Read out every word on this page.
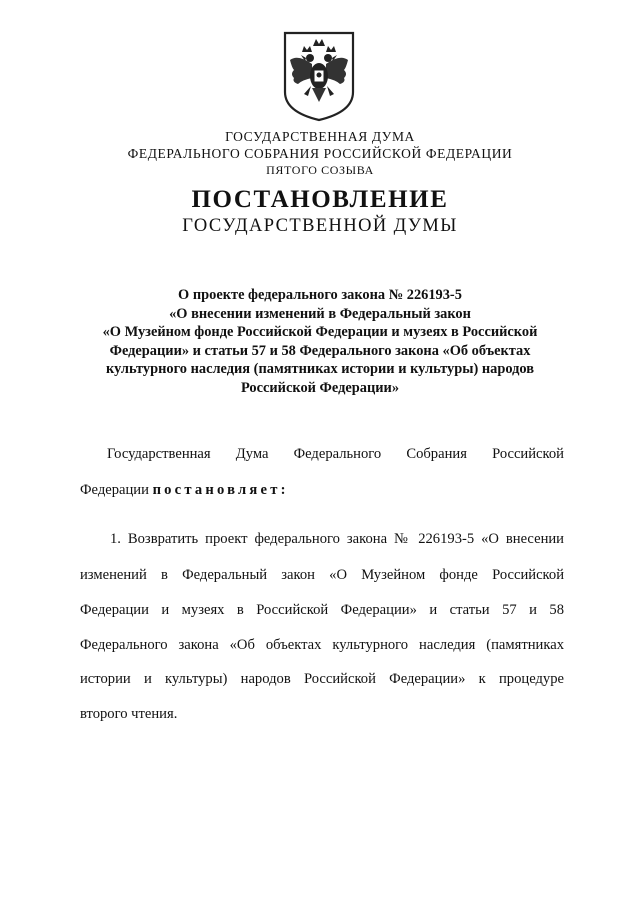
ГОСУДАРСТВЕННАЯ ДУМА
ФЕДЕРАЛЬНОГО СОБРАНИЯ РОССИЙСКОЙ ФЕДЕРАЦИИ
ПЯТОГО СОЗЫВА
ПОСТАНОВЛЕНИЕ
ГОСУДАРСТВЕННОЙ ДУМЫ
О проекте федерального закона № 226193-5
«О внесении изменений в Федеральный закон
«О Музейном фонде Российской Федерации и музеях в Российской
Федерации» и статьи 57 и 58 Федерального закона «Об объектах
культурного наследия (памятниках истории и культуры) народов
Российской Федерации»
Государственная Дума Федерального Собрания Российской
Федерации постановляет:
1. Возвратить проект федерального закона № 226193-5 «О внесении
изменений в Федеральный закон «О Музейном фонде Российской
Федерации и музеях в Российской Федерации» и статьи 57 и 58
Федерального закона «Об объектах культурного наследия (памятниках
истории и культуры) народов Российской Федерации» к процедуре
второго чтения.
